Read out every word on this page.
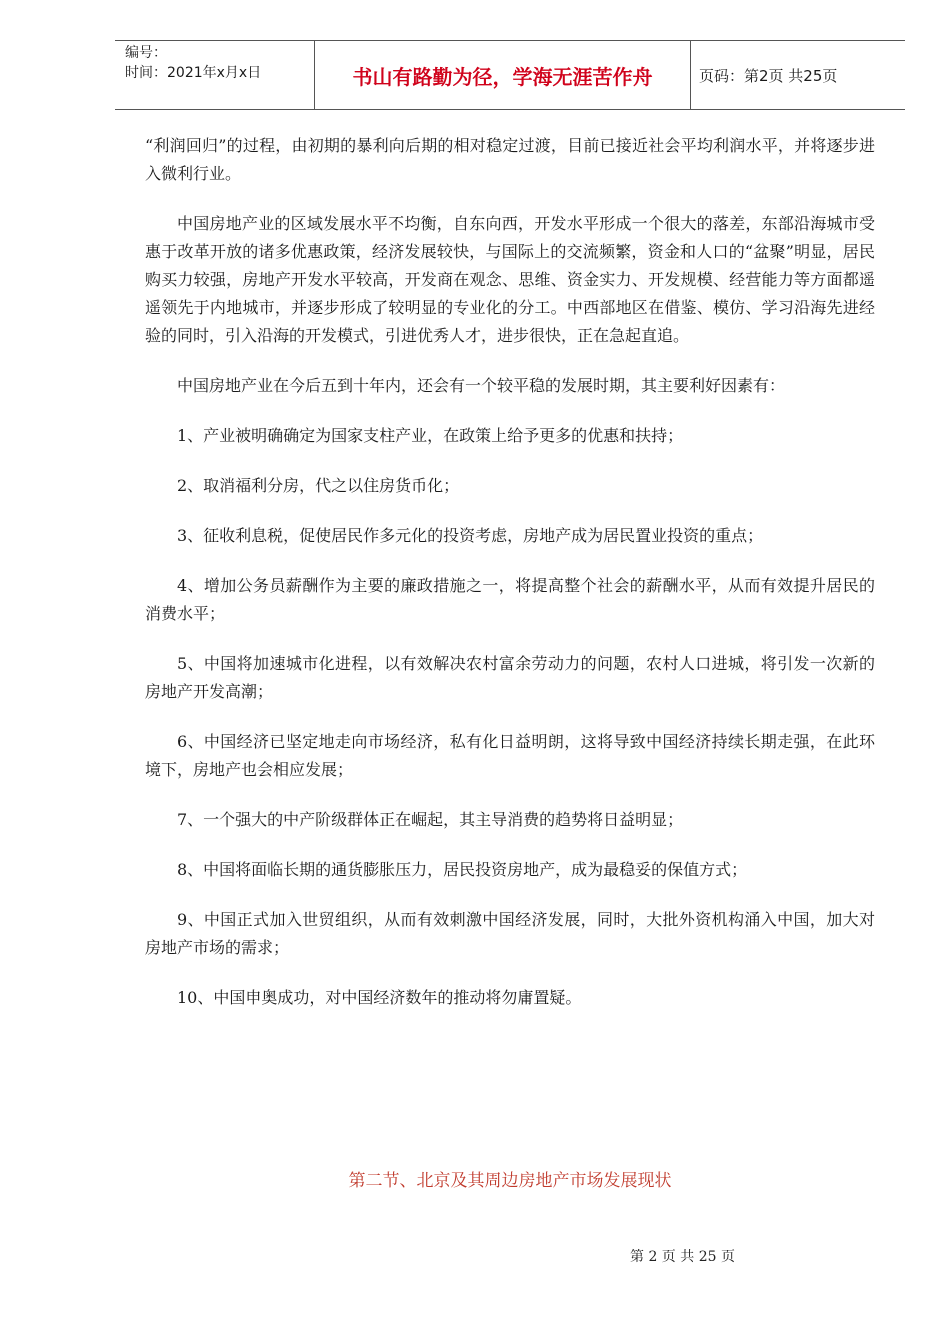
编号：
时间：2021年x月x日	书山有路勤为径，学海无涯苦作舟	页码：第2页 共25页

“利润回归”的过程，由初期的暴利向后期的相对稳定过渡，目前已接近社会平均利润水平，并将逐步进入微利行业。

中国房地产业的区域发展水平不均衡，自东向西，开发水平形成一个很大的落差，东部沿海城市受惠于改革开放的诸多优惠政策，经济发展较快，与国际上的交流频繁，资金和人口的“盆聚”明显，居民购买力较强，房地产开发水平较高，开发商在观念、思维、资金实力、开发规模、经营能力等方面都遥遥领先于内地城市，并逐步形成了较明显的专业化的分工。中西部地区在借鉴、模仿、学习沿海先进经验的同时，引入沿海的开发模式，引进优秀人才，进步很快，正在急起直追。

中国房地产业在今后五到十年内，还会有一个较平稳的发展时期，其主要利好因素有：

1、产业被明确确定为国家支柱产业，在政策上给予更多的优惠和扶持；

2、取消福利分房，代之以住房货币化；

3、征收利息税，促使居民作多元化的投资考虑，房地产成为居民置业投资的重点；

4、增加公务员薪酬作为主要的廉政措施之一，将提高整个社会的薪酬水平，从而有效提升居民的消费水平；

5、中国将加速城市化进程，以有效解决农村富余劳动力的问题，农村人口进城，将引发一次新的房地产开发高潮；

6、中国经济已坚定地走向市场经济，私有化日益明朗，这将导致中国经济持续长期走强，在此环境下，房地产也会相应发展；

7、一个强大的中产阶级群体正在崛起，其主导消费的趋势将日益明显；

8、中国将面临长期的通货膨胀压力，居民投资房地产，成为最稳妥的保值方式；

9、中国正式加入世贸组织，从而有效刺激中国经济发展，同时，大批外资机构涌入中国，加大对房地产市场的需求；

10、中国申奥成功，对中国经济数年的推动将勿庸置疑。

第二节、北京及其周边房地产市场发展现状
第 2 页 共 25 页
